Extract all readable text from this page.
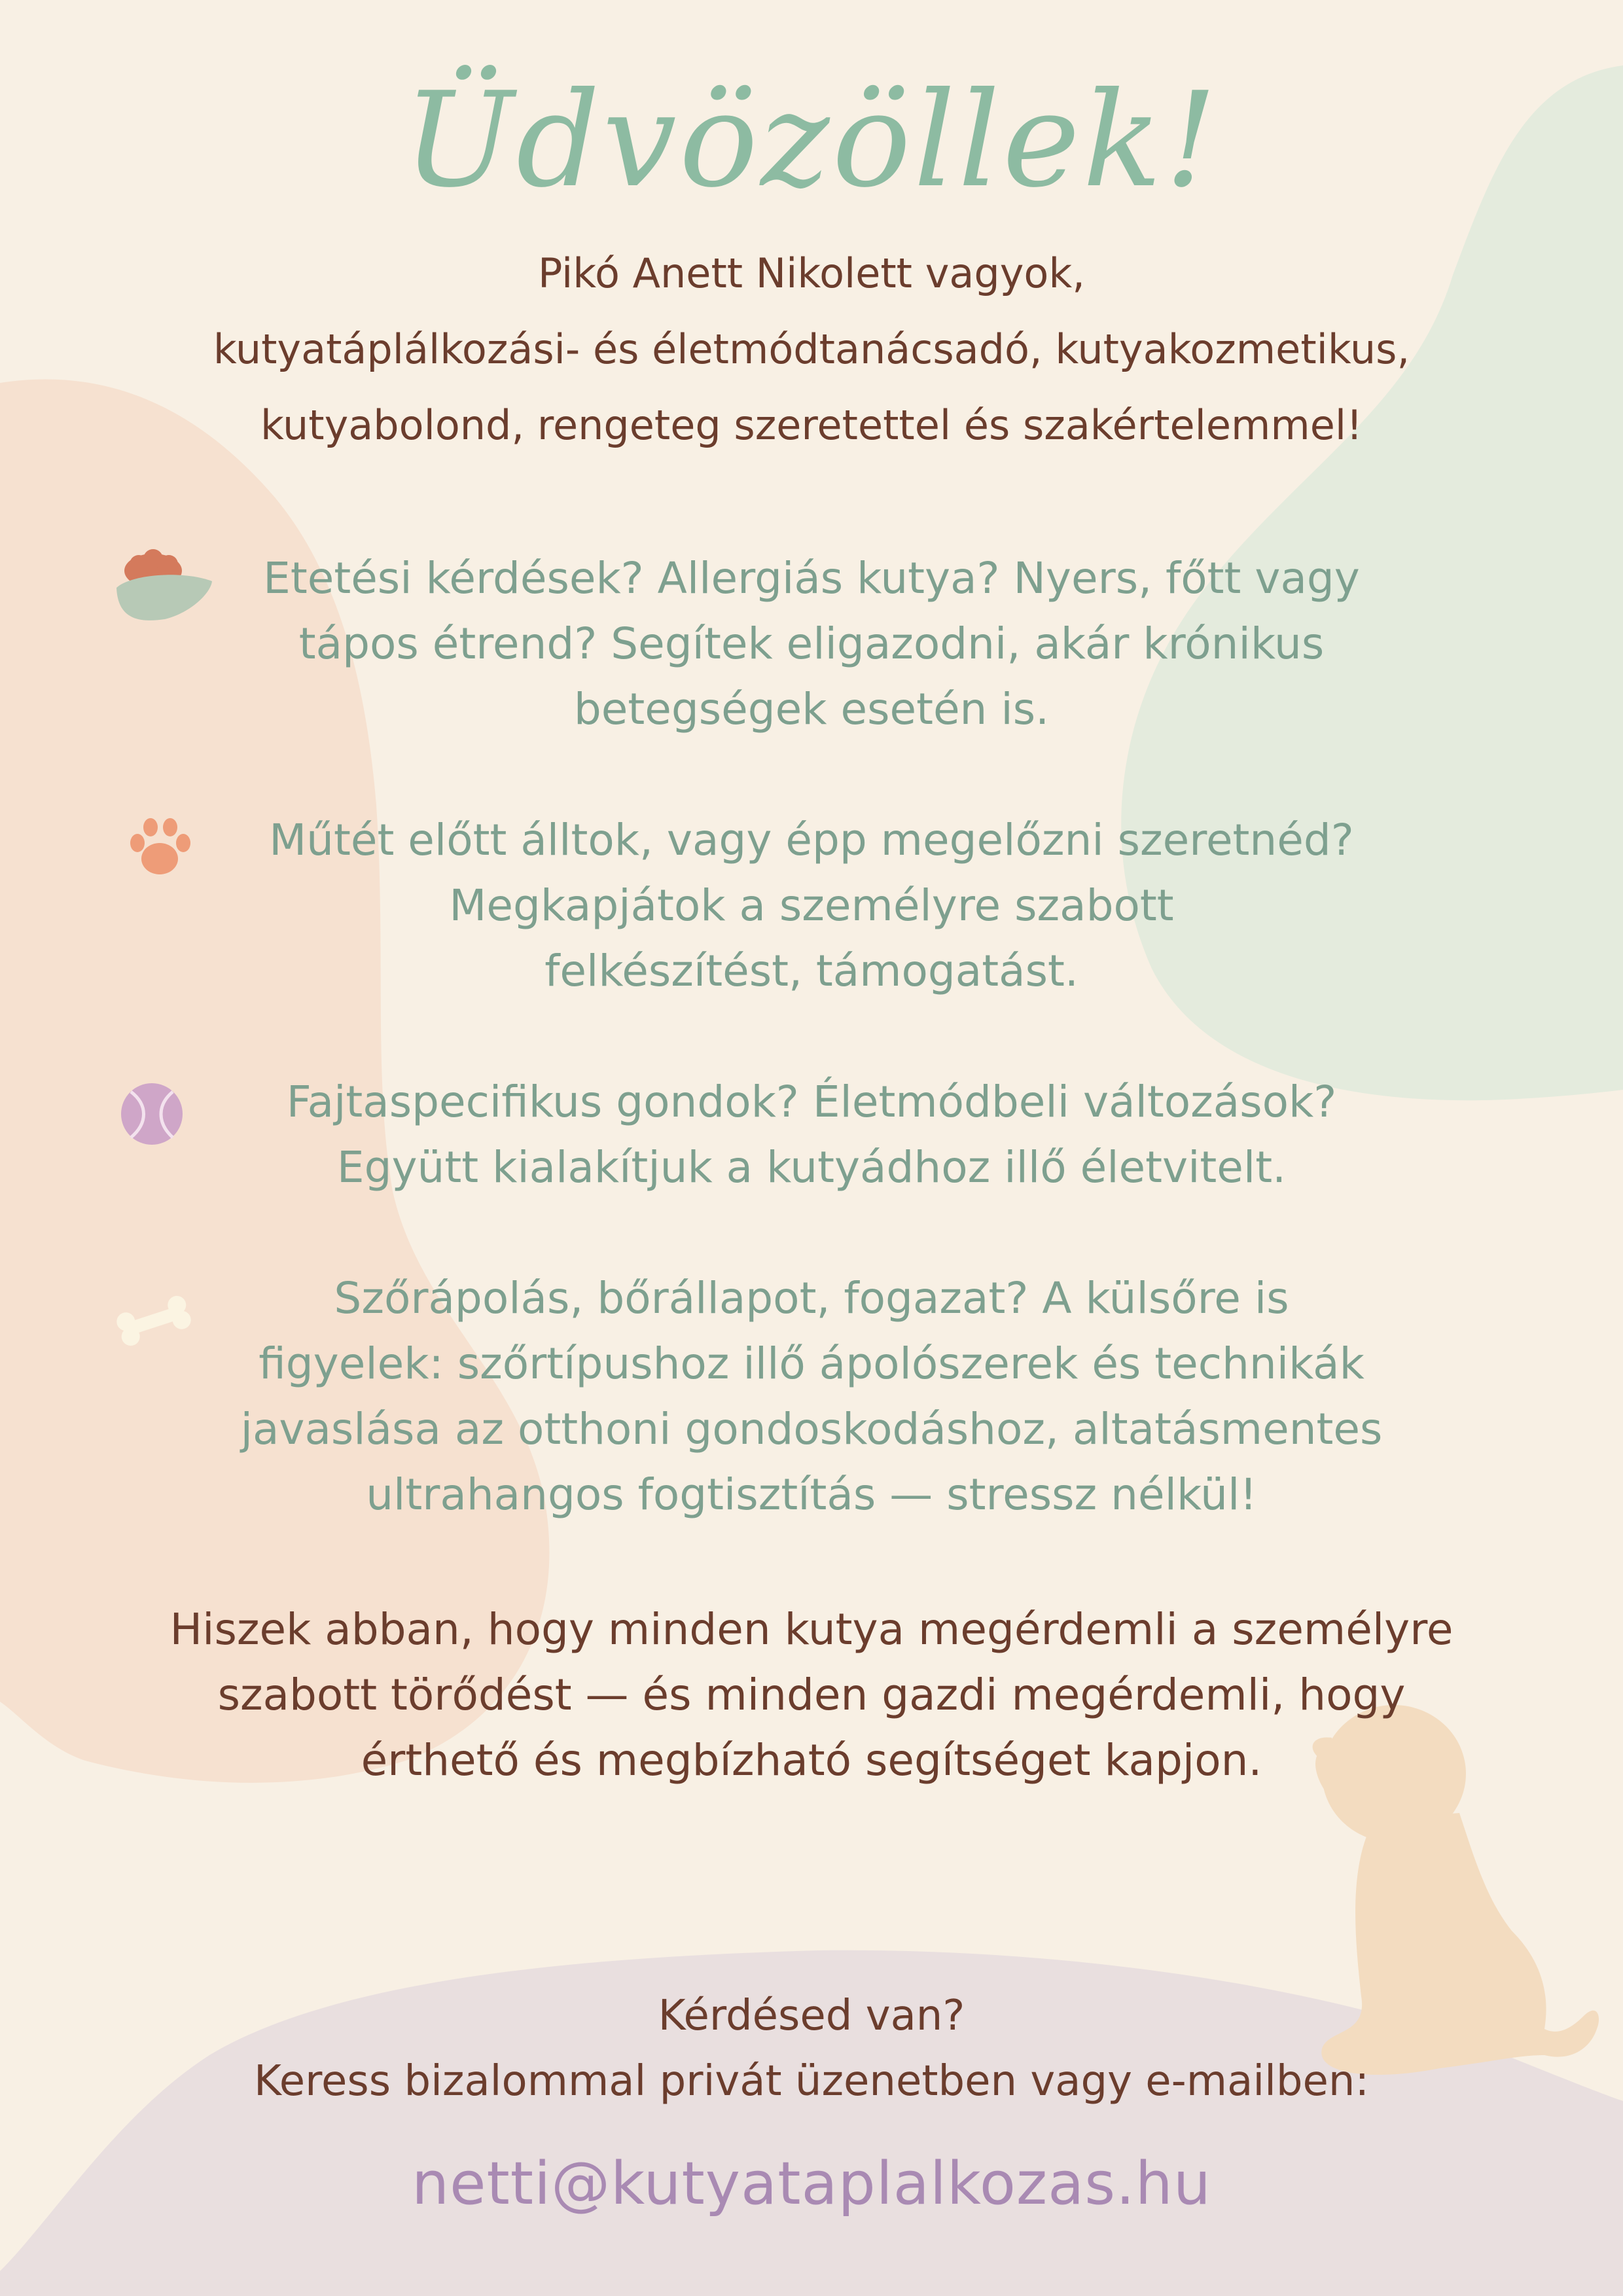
Üdvözöllek!
Pikó Anett Nikolett vagyok,
kutyatáplálkozási- és életmódtanácsadó, kutyakozmetikus,
kutyabolond, rengeteg szeretettel és szakértelemmel!
Etetési kérdések? Allergiás kutya? Nyers, főtt vagy
tápos étrend? Segítek eligazodni, akár krónikus
betegségek esetén is.
Műtét előtt álltok, vagy épp megelőzni szeretnéd?
Megkapjátok a személyre szabott
felkészítést, támogatást.
Fajtaspecifikus gondok? Életmódbeli változások?
Együtt kialakítjuk a kutyádhoz illő életvitelt.
Szőrápolás, bőrállapot, fogazat? A külsőre is
figyelek: szőrtípushoz illő ápolószerek és technikák
javaslása az otthoni gondoskodáshoz, altatásmentes
ultrahangos fogtisztítás — stressz nélkül!
Hiszek abban, hogy minden kutya megérdemli a személyre
szabott törődést — és minden gazdi megérdemli, hogy
érthető és megbízható segítséget kapjon.
Kérdésed van?
Keress bizalommal privát üzenetben vagy e-mailben:
netti@kutyataplalkozas.hu
